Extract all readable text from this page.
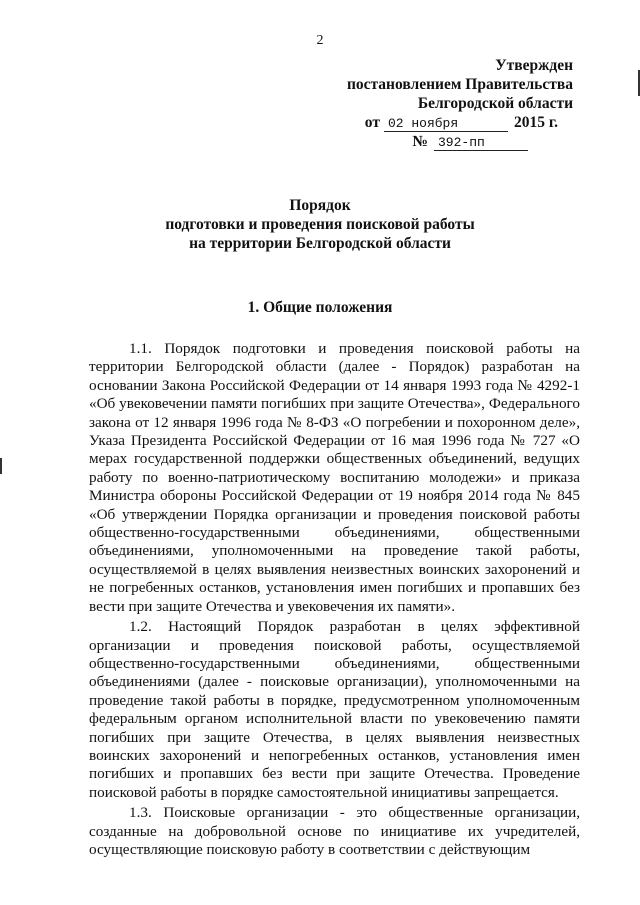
2
Утвержден
постановлением Правительства
Белгородской области
от 02 ноября	2015 г.
№ 392-пп
Порядок
подготовки и проведения поисковой работы
на территории Белгородской области
1. Общие положения

1.1. Порядок подготовки и проведения поисковой работы на территории Белгородской области (далее - Порядок) разработан на основании Закона Российской Федерации от 14 января 1993 года № 4292-1 «Об увековечении памяти погибших при защите Отечества», Федерального закона от 12 января 1996 года № 8-ФЗ «О погребении и похоронном деле», Указа Президента Российской Федерации от 16 мая 1996 года № 727 «О мерах государственной поддержки общественных объединений, ведущих работу по военно-патриотическому воспитанию молодежи» и приказа Министра обороны Российской Федерации от 19 ноября 2014 года № 845 «Об утверждении Порядка организации и проведения поисковой работы общественно-государственными объединениями, общественными объединениями, уполномоченными на проведение такой работы, осуществляемой в целях выявления неизвестных воинских захоронений и не погребенных останков, установления имен погибших и пропавших без вести при защите Отечества и увековечения их памяти».

1.2. Настоящий Порядок разработан в целях эффективной организации и проведения поисковой работы, осуществляемой общественно-государственными объединениями, общественными объединениями (далее - поисковые организации), уполномоченными на проведение такой работы в порядке, предусмотренном уполномоченным федеральным органом исполнительной власти по увековечению памяти погибших при защите Отечества, в целях выявления неизвестных воинских захоронений и непогребенных останков, установления имен погибших и пропавших без вести при защите Отечества. Проведение поисковой работы в порядке самостоятельной инициативы запрещается.

1.3. Поисковые организации - это общественные организации, созданные на добровольной основе по инициативе их учредителей, осуществляющие поисковую работу в соответствии с действующим
